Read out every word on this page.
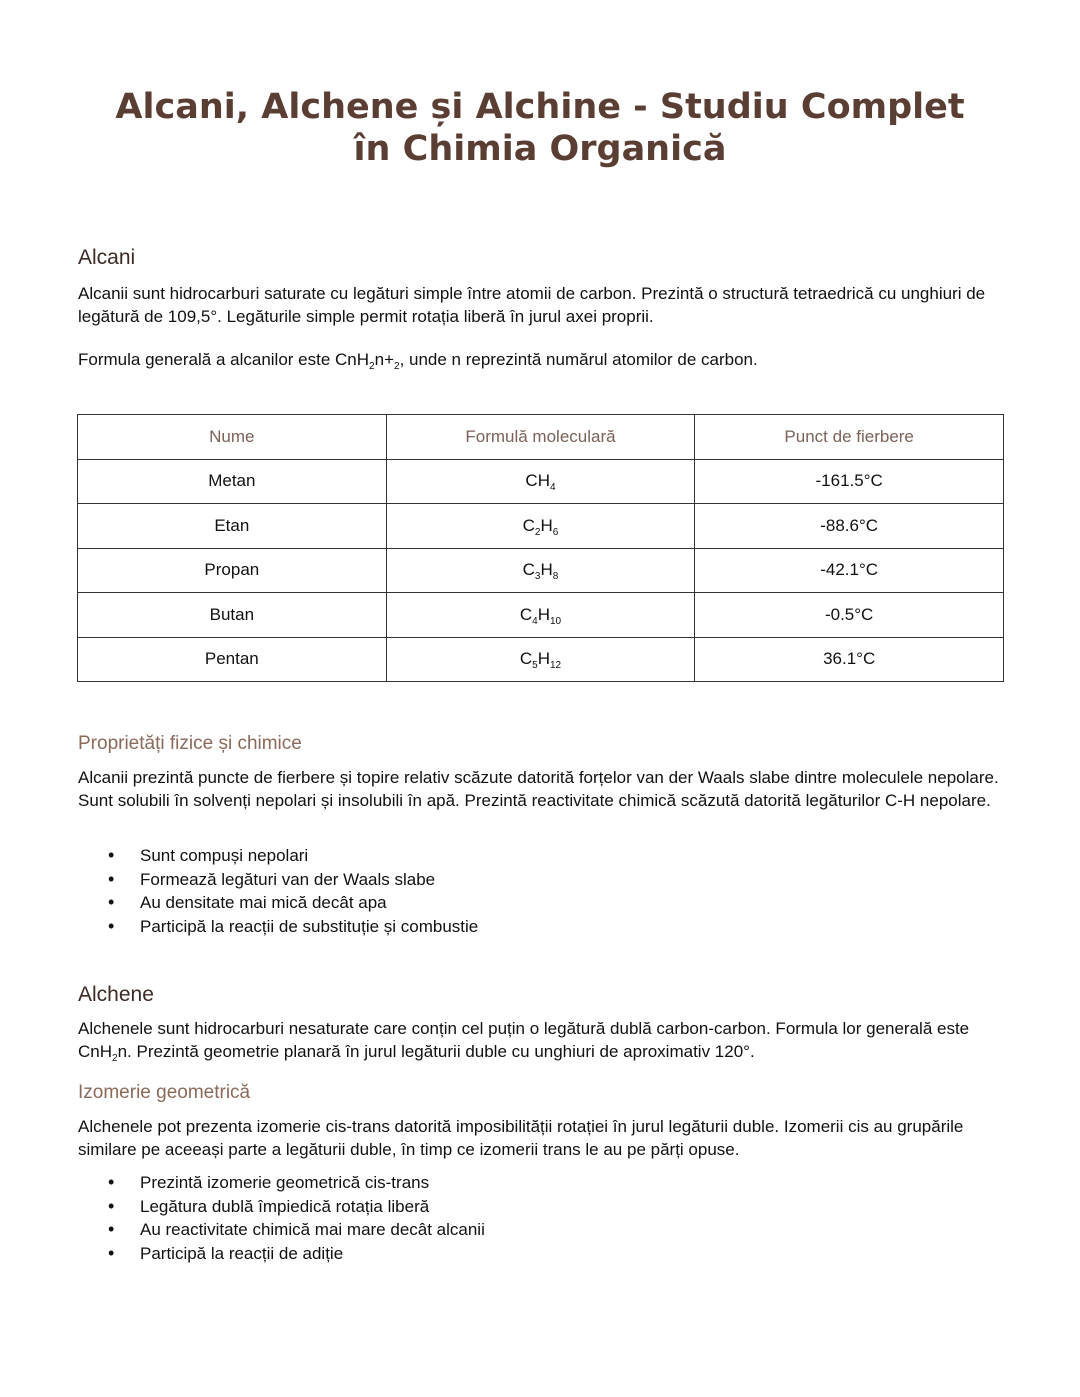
Alcani, Alchene și Alchine - Studiu Complet în Chimia Organică
Alcani

Alcanii sunt hidrocarburi saturate cu legături simple între atomii de carbon. Prezintă o structură tetraedrică cu unghiuri de legătură de 109,5°. Legăturile simple permit rotația liberă în jurul axei proprii.

Formula generală a alcanilor este $CnH_2n+_2$, unde n reprezintă numărul atomilor de carbon.
Nume	Formulă moleculară	Punct de fierbere
Metan	$CH_4$	-161.5°C
Etan	$C_2H_6$	-88.6°C
Propan	$C_3H_8$	-42.1°C
Butan	$C_4H_{10}$	-0.5°C
Pentan	$C_5H_{12}$	36.1°C
Proprietăți fizice și chimice

Alcanii prezintă puncte de fierbere și topire relativ scăzute datorită forțelor van der Waals slabe dintre moleculele nepolare. Sunt solubili în solvenți nepolari și insolubili în apă. Prezintă reactivitate chimică scăzută datorită legăturilor C-H nepolare.

• Sunt compuși nepolari
• Formează legături van der Waals slabe
• Au densitate mai mică decât apa
• Participă la reacții de substituție și combustie
Alchene

Alchenele sunt hidrocarburi nesaturate care conțin cel puțin o legătură dublă carbon-carbon. Formula lor generală este CnH$_2$n. Prezintă geometrie planară în jurul legăturii duble cu unghiuri de aproximativ 120°.

Izomerie geometrică

Alchenele pot prezenta izomerie cis-trans datorită imposibilității rotației în jurul legăturii duble. Izomerii cis au grupările similare pe aceeași parte a legăturii duble, în timp ce izomerii trans le au pe părți opuse.

• Prezintă izomerie geometrică cis-trans
• Legătura dublă împiedică rotația liberă
• Au reactivitate chimică mai mare decât alcanii
• Participă la reacții de adiție
